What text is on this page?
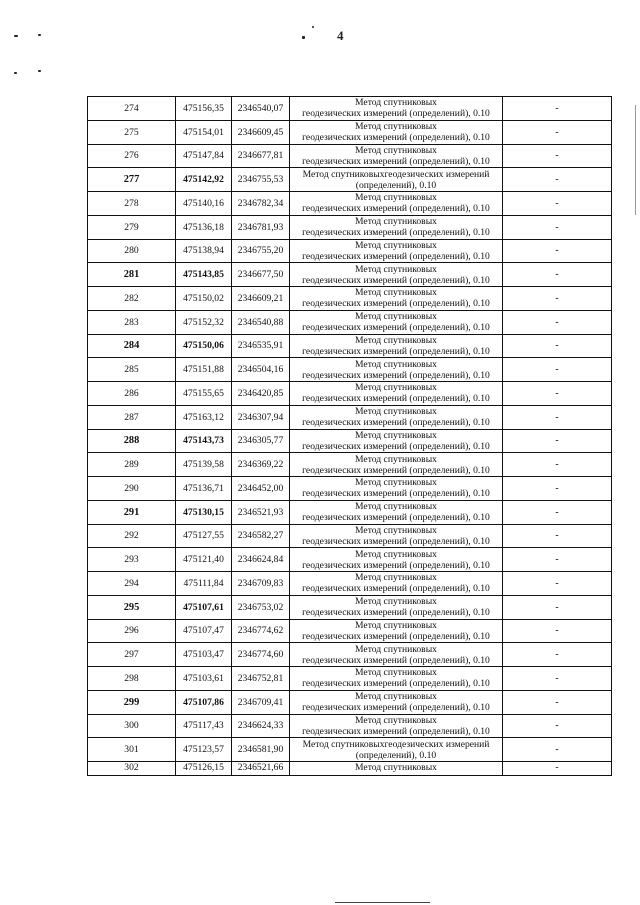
4
274	475156,35	2346540,07	Метод спутниковых
геодезических измерений (определений), 0.10	-
275	475154,01	2346609,45	Метод спутниковых
геодезических измерений (определений), 0.10	-
276	475147,84	2346677,81	Метод спутниковых
геодезических измерений (определений), 0.10	-
277	475142,92	2346755,53	Метод спутниковыхгеодезических измерений
(определений), 0.10	-
278	475140,16	2346782,34	Метод спутниковых
геодезических измерений (определений), 0.10	-
279	475136,18	2346781,93	Метод спутниковых
геодезических измерений (определений), 0.10	-
280	475138,94	2346755,20	Метод спутниковых
геодезических измерений (определений), 0.10	-
281	475143,85	2346677,50	Метод спутниковых
геодезических измерений (определений), 0.10	-
282	475150,02	2346609,21	Метод спутниковых
геодезических измерений (определений), 0.10	-
283	475152,32	2346540,88	Метод спутниковых
геодезических измерений (определений), 0.10	-
284	475150,06	2346535,91	Метод спутниковых
геодезических измерений (определений), 0.10	-
285	475151,88	2346504,16	Метод спутниковых
геодезических измерений (определений), 0.10	-
286	475155,65	2346420,85	Метод спутниковых
геодезических измерений (определений), 0.10	-
287	475163,12	2346307,94	Метод спутниковых
геодезических измерений (определений), 0.10	-
288	475143,73	2346305,77	Метод спутниковых
геодезических измерений (определений), 0.10	-
289	475139,58	2346369,22	Метод спутниковых
геодезических измерений (определений), 0.10	-
290	475136,71	2346452,00	Метод спутниковых
геодезических измерений (определений), 0.10	-
291	475130,15	2346521,93	Метод спутниковых
геодезических измерений (определений), 0.10	-
292	475127,55	2346582,27	Метод спутниковых
геодезических измерений (определений), 0.10	-
293	475121,40	2346624,84	Метод спутниковых
геодезических измерений (определений), 0.10	-
294	475111,84	2346709,83	Метод спутниковых
геодезических измерений (определений), 0.10	-
295	475107,61	2346753,02	Метод спутниковых
геодезических измерений (определений), 0.10	-
296	475107,47	2346774,62	Метод спутниковых
геодезических измерений (определений), 0.10	-
297	475103,47	2346774,60	Метод спутниковых
геодезических измерений (определений), 0.10	-
298	475103,61	2346752,81	Метод спутниковых
геодезических измерений (определений), 0.10	-
299	475107,86	2346709,41	Метод спутниковых
геодезических измерений (определений), 0.10	-
300	475117,43	2346624,33	Метод спутниковых
геодезических измерений (определений), 0.10	-
301	475123,57	2346581,90	Метод спутниковыхгеодезических измерений
(определений), 0.10	-
302	475126,15	2346521,66	Метод спутниковых	-
